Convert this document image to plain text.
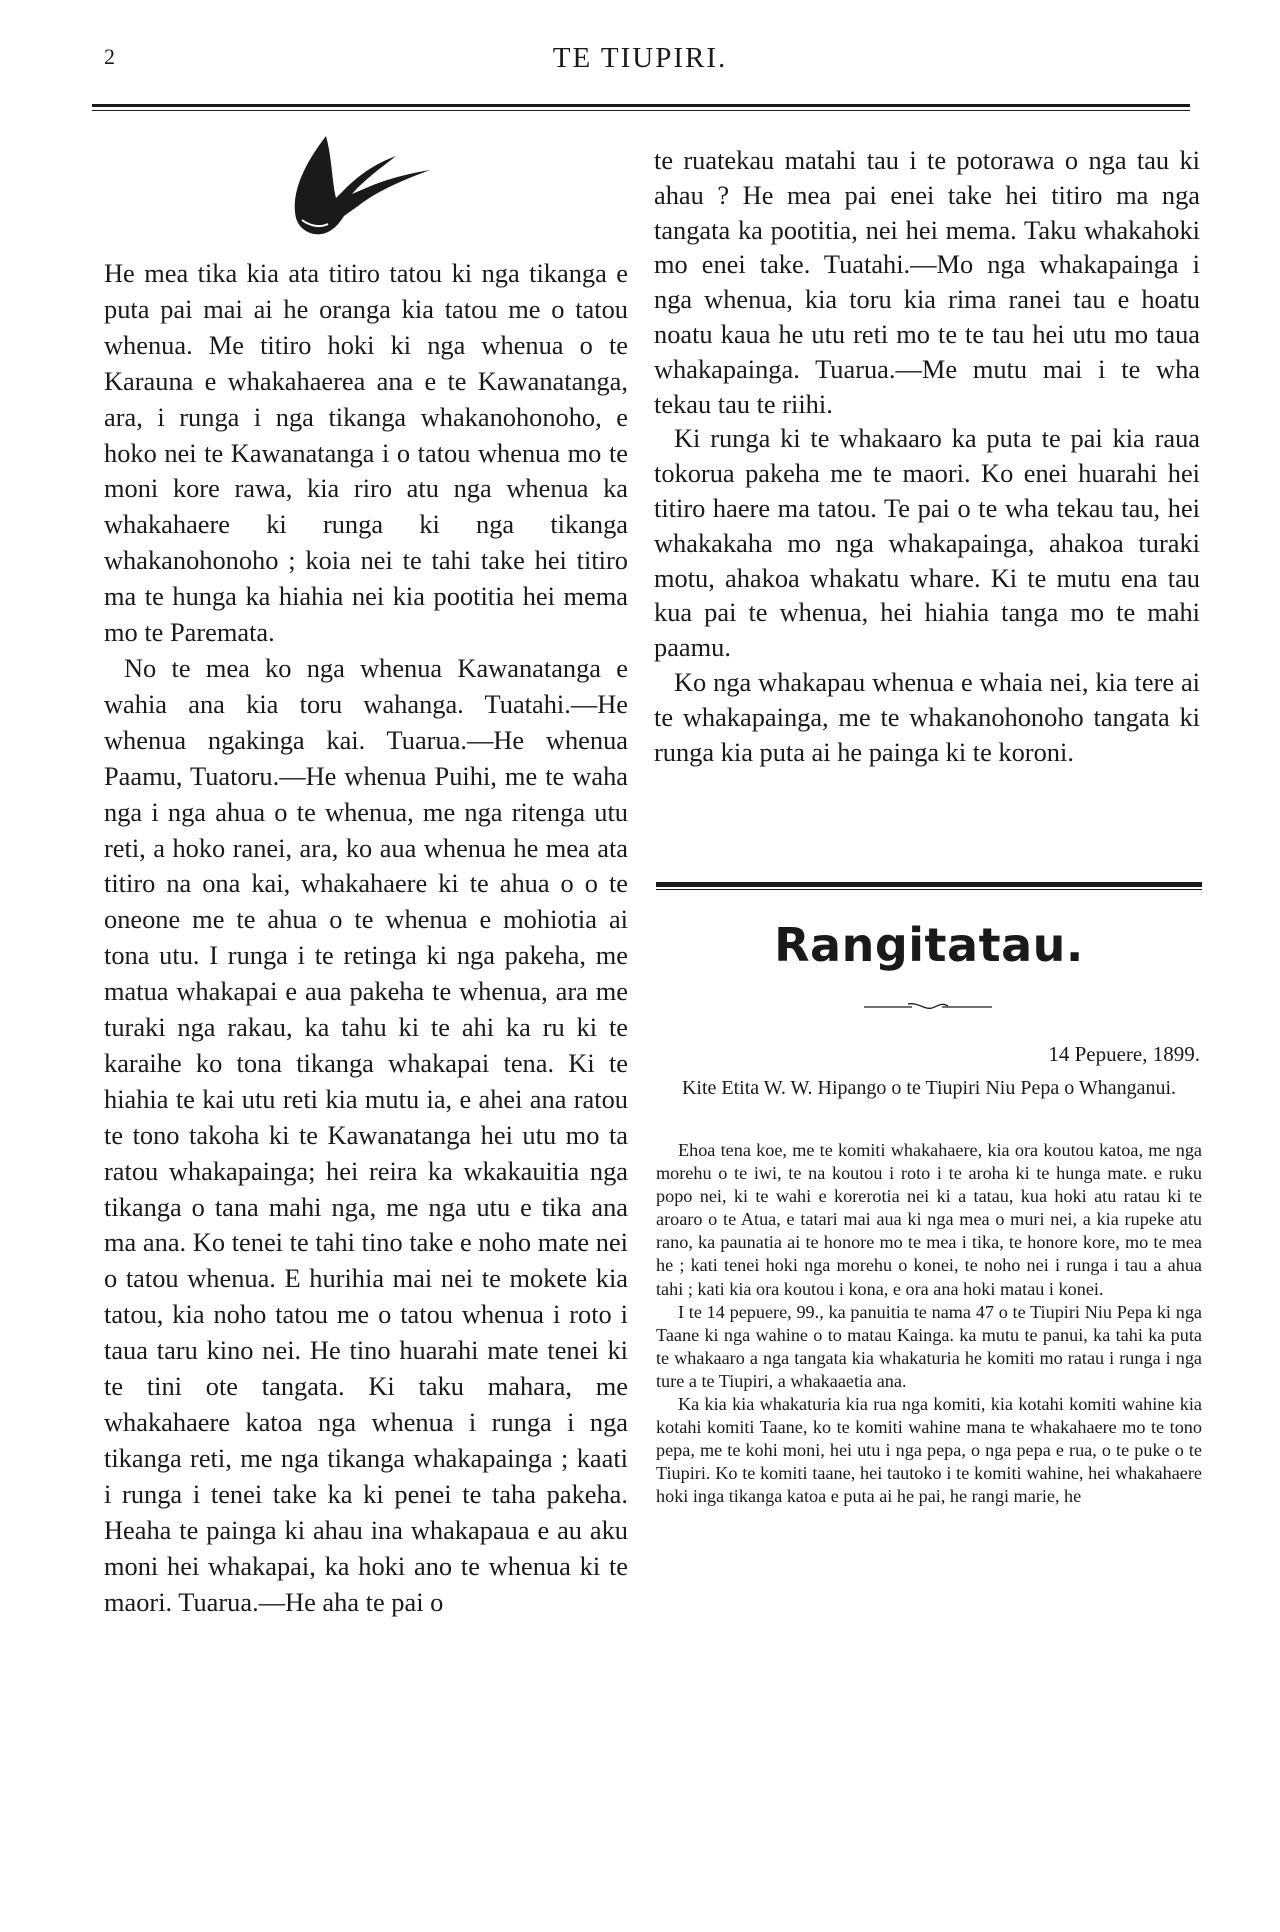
2	TE TIUPIRI.

He mea tika kia ata titiro tatou ki nga tikanga e puta pai mai ai he oranga kia tatou me o tatou whenua. Me titiro hoki ki nga whenua o te Karauna e whakahaerea ana e te Kawanatanga, ara, i runga i nga tikanga whakanohonoho, e hoko nei te Kawanatanga i o tatou whenua mo te moni kore rawa, kia riro atu nga whenua ka whakahaere ki runga ki nga tikanga whakanohonoho ; koia nei te tahi take hei titiro ma te hunga ka hiahia nei kia pootitia hei mema mo te Paremata.

No te mea ko nga whenua Kawanatanga e wahia ana kia toru wahanga. Tuatahi.—He whenua ngakinga kai. Tuarua.—He whenua Paamu, Tuatoru.—He whenua Puihi, me te waha nga i nga ahua o te whenua, me nga ritenga utu reti, a hoko ranei, ara, ko aua whenua he mea ata titiro na ona kai, whakahaere ki te ahua o o te oneone me te ahua o te whenua e mohiotia ai tona utu. I runga i te retinga ki nga pakeha, me matua whakapai e aua pakeha te whenua, ara me turaki nga rakau, ka tahu ki te ahi ka ru ki te karaihe ko tona tikanga whakapai tena. Ki te hiahia te kai utu reti kia mutu ia, e ahei ana ratou te tono takoha ki te Kawanatanga hei utu mo ta ratou whakapainga; hei reira ka wkakauitia nga tikanga o tana mahi nga, me nga utu e tika ana ma ana. Ko tenei te tahi tino take e noho mate nei o tatou whenua. E hurihia mai nei te mokete kia tatou, kia noho tatou me o tatou whenua i roto i taua taru kino nei. He tino huarahi mate tenei ki te tini ote tangata. Ki taku mahara, me whakahaere katoa nga whenua i runga i nga tikanga reti, me nga tikanga whakapainga ; kaati i runga i tenei take ka ki penei te taha pakeha. Heaha te painga ki ahau ina whakapaua e au aku moni hei whakapai, ka hoki ano te whenua ki te maori. Tuarua.—He aha te pai o

te ruatekau matahi tau i te potorawa o nga tau ki ahau ? He mea pai enei take hei titiro ma nga tangata ka pootitia, nei hei mema. Taku whakahoki mo enei take. Tuatahi.—Mo nga whakapainga i nga whenua, kia toru kia rima ranei tau e hoatu noatu kaua he utu reti mo te te tau hei utu mo taua whakapainga. Tuarua.—Me mutu mai i te wha tekau tau te riihi.

Ki runga ki te whakaaro ka puta te pai kia raua tokorua pakeha me te maori. Ko enei huarahi hei titiro haere ma tatou. Te pai o te wha tekau tau, hei whakakaha mo nga whakapainga, ahakoa turaki motu, ahakoa whakatu whare. Ki te mutu ena tau kua pai te whenua, hei hiahia tanga mo te mahi paamu.

Ko nga whakapau whenua e whaia nei, kia tere ai te whakapainga, me te whakanohonoho tangata ki runga kia puta ai he painga ki te koroni.

Rangitatau.
14 Pepuere, 1899.
Kite Etita W. W. Hipango o te Tiupiri Niu Pepa o Whanganui.

Ehoa tena koe, me te komiti whakahaere, kia ora koutou katoa, me nga morehu o te iwi, te na koutou i roto i te aroha ki te hunga mate. e ruku popo nei, ki te wahi e korerotia nei ki a tatau, kua hoki atu ratau ki te aroaro o te Atua, e tatari mai aua ki nga mea o muri nei, a kia rupeke atu rano, ka paunatia ai te honore mo te mea i tika, te honore kore, mo te mea he ; kati tenei hoki nga morehu o konei, te noho nei i runga i tau a ahua tahi ; kati kia ora koutou i kona, e ora ana hoki matau i konei.

I te 14 pepuere, 99., ka panuitia te nama 47 o te Tiupiri Niu Pepa ki nga Taane ki nga wahine o to matau Kainga. ka mutu te panui, ka tahi ka puta te whakaaro a nga tangata kia whakaturia he komiti mo ratau i runga i nga ture a te Tiupiri, a whakaaetia ana.

Ka kia kia whakaturia kia rua nga komiti, kia kotahi komiti wahine kia kotahi komiti Taane, ko te komiti wahine mana te whakahaere mo te tono pepa, me te kohi moni, hei utu i nga pepa, o nga pepa e rua, o te puke o te Tiupiri. Ko te komiti taane, hei tautoko i te komiti wahine, hei whakahaere hoki inga tikanga katoa e puta ai he pai, he rangi marie, he
